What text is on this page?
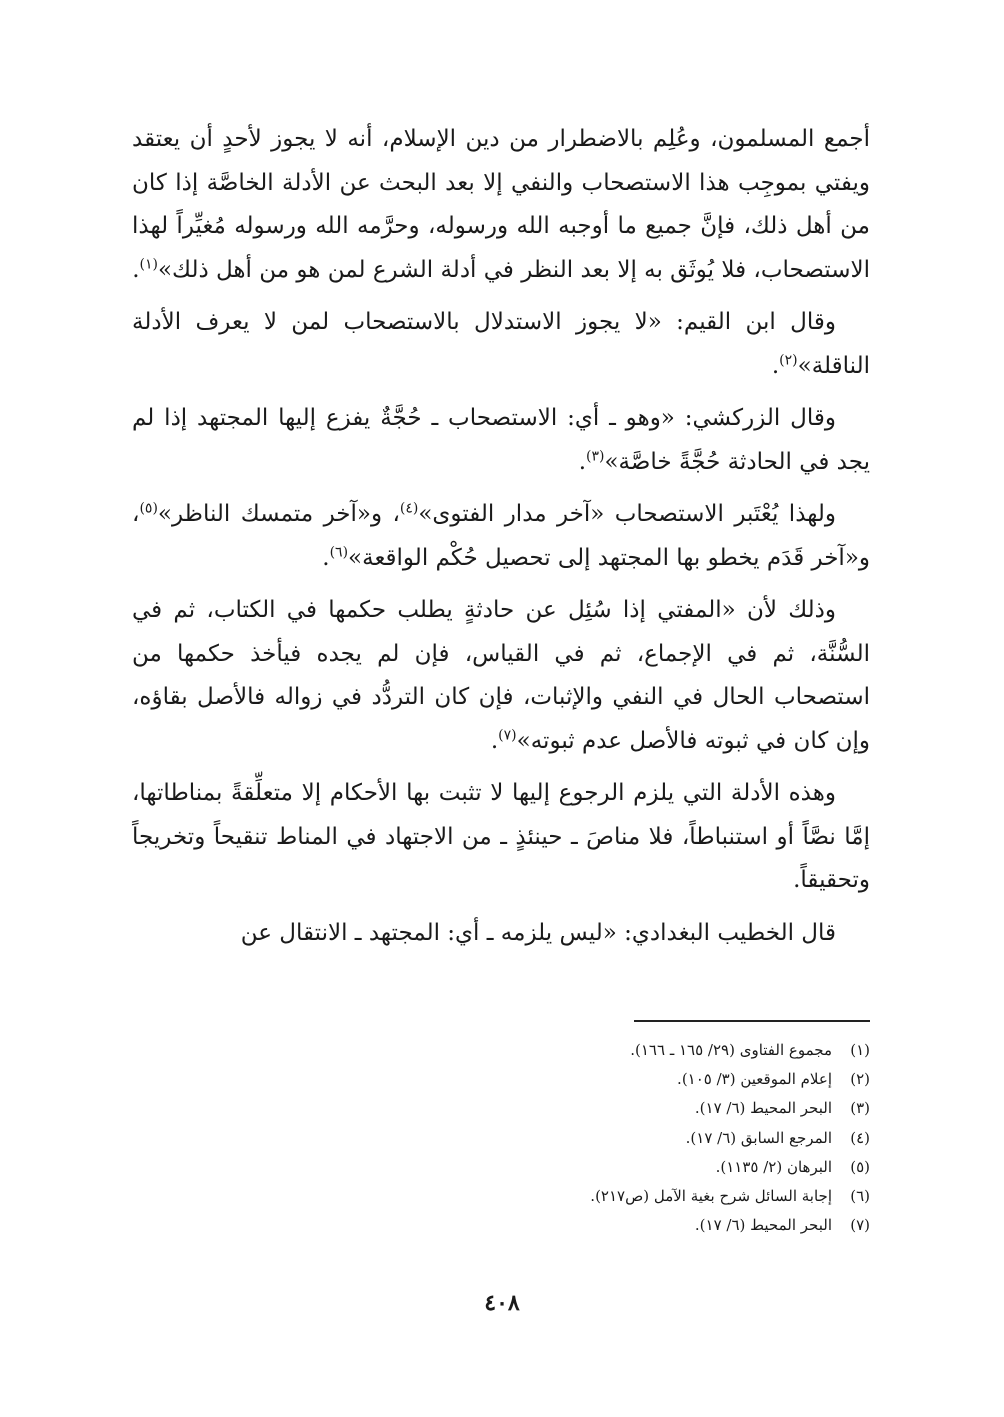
أجمع المسلمون، وعُلِم بالاضطرار من دين الإسلام، أنه لا يجوز لأحدٍ أن يعتقد ويفتي بموجِب هذا الاستصحاب والنفي إلا بعد البحث عن الأدلة الخاصَّة إذا كان من أهل ذلك، فإنَّ جميع ما أوجبه الله ورسوله، وحرَّمه الله ورسوله مُغيِّراً لهذا الاستصحاب، فلا يُوثَق به إلا بعد النظر في أدلة الشرع لمن هو من أهل ذلك»$^{(١)}$.

وقال ابن القيم: «لا يجوز الاستدلال بالاستصحاب لمن لا يعرف الأدلة الناقلة»$^{(٢)}$.

وقال الزركشي: «وهو ـ أي: الاستصحاب ـ حُجَّةٌ يفزع إليها المجتهد إذا لم يجد في الحادثة حُجَّةً خاصَّة»$^{(٣)}$.

ولهذا يُعْتَبر الاستصحاب «آخر مدار الفتوى»$^{(٤)}$، و«آخر متمسك الناظر»$^{(٥)}$، و«آخر قَدَم يخطو بها المجتهد إلى تحصيل حُكْم الواقعة»$^{(٦)}$.

وذلك لأن «المفتي إذا سُئِل عن حادثةٍ يطلب حكمها في الكتاب، ثم في السُّنَّة، ثم في الإجماع، ثم في القياس، فإن لم يجده فيأخذ حكمها من استصحاب الحال في النفي والإثبات، فإن كان التردُّد في زواله فالأصل بقاؤه، وإن كان في ثبوته فالأصل عدم ثبوته»$^{(٧)}$.

وهذه الأدلة التي يلزم الرجوع إليها لا تثبت بها الأحكام إلا متعلِّقةً بمناطاتها، إمَّا نصَّاً أو استنباطاً، فلا مناصَ ـ حينئذٍ ـ من الاجتهاد في المناط تنقيحاً وتخريجاً وتحقيقاً.

قال الخطيب البغدادي: «ليس يلزمه ـ أي: المجتهد ـ الانتقال عن

(١)
مجموع الفتاوى (٢٩/ ١٦٥ ـ ١٦٦).
(٢)
إعلام الموقعين (٣/ ١٠٥).
(٣)
البحر المحيط (٦/ ١٧).
(٤)
المرجع السابق (٦/ ١٧).
(٥)
البرهان (٢/ ١١٣٥).
(٦)
إجابة السائل شرح بغية الآمل (ص٢١٧).
(٧)
البحر المحيط (٦/ ١٧).
٤٠٨
